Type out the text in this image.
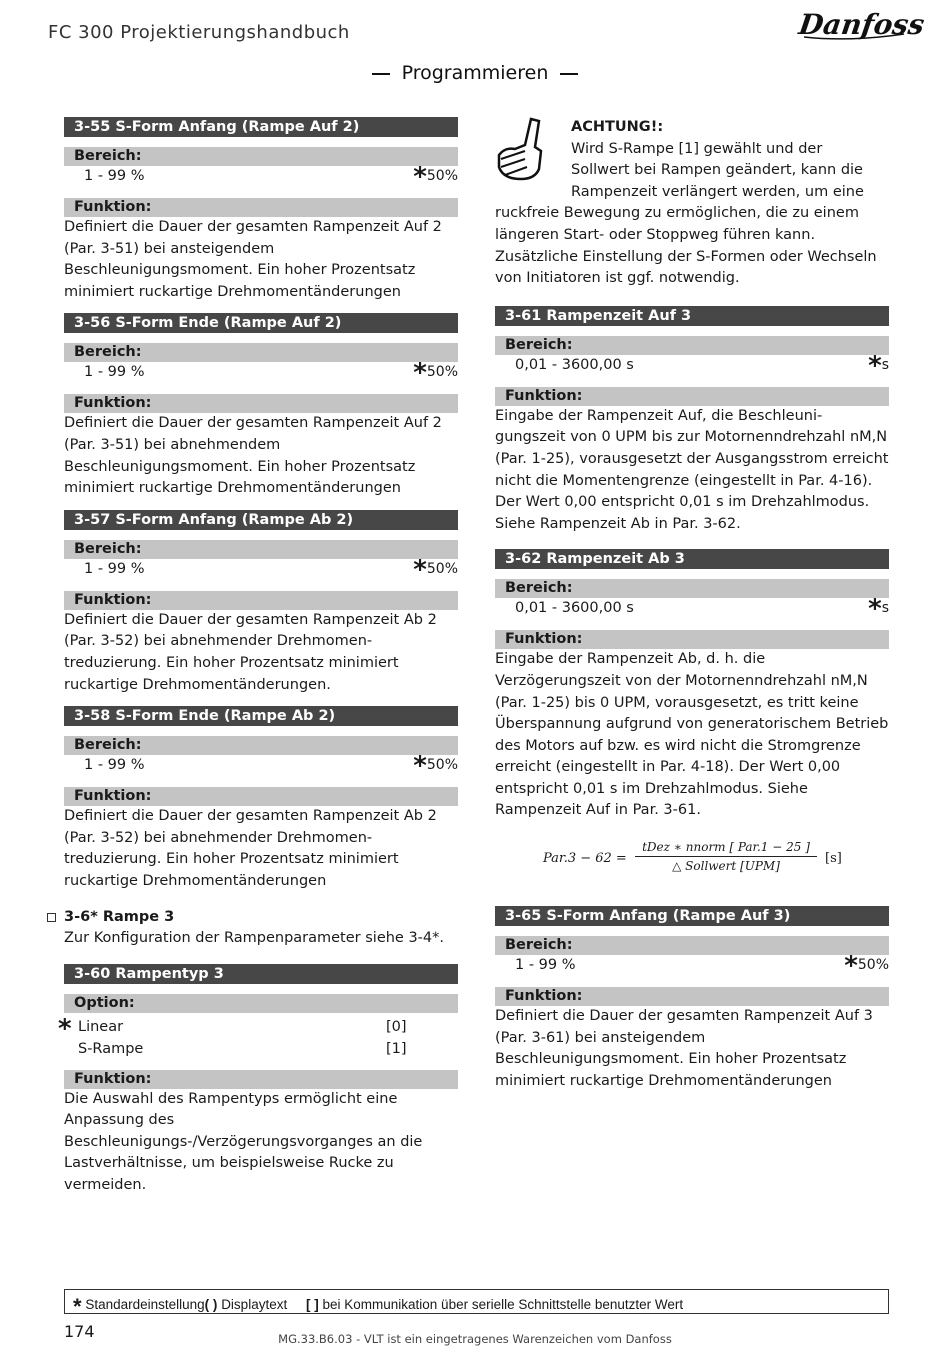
FC 300 Projektierungshandbuch	Danfoss
Programmieren
3-55 S-Form Anfang (Rampe Auf 2)
Bereich:
1 - 99 %	*50%
Funktion:
Definiert die Dauer der gesamten Rampenzeit Auf 2 (Par. 3-51) bei ansteigendem Beschleunigungsmoment. Ein hoher Prozentsatz minimiert ruckartige Drehmomentänderungen
3-56 S-Form Ende (Rampe Auf 2)
Bereich:
1 - 99 %	*50%
Funktion:
Definiert die Dauer der gesamten Rampenzeit Auf 2 (Par. 3-51) bei abnehmendem Beschleunigungsmoment. Ein hoher Prozentsatz minimiert ruckartige Drehmomentänderungen
3-57 S-Form Anfang (Rampe Ab 2)
Bereich:
1 - 99 %	*50%
Funktion:
Definiert die Dauer der gesamten Rampenzeit Ab 2 (Par. 3-52) bei abnehmender Drehmomen-treduzierung. Ein hoher Prozentsatz minimiert ruckartige Drehmomentänderungen.
3-58 S-Form Ende (Rampe Ab 2)
Bereich:
1 - 99 %	*50%
Funktion:
Definiert die Dauer der gesamten Rampenzeit Ab 2 (Par. 3-52) bei abnehmender Drehmomen-treduzierung. Ein hoher Prozentsatz minimiert ruckartige Drehmomentänderungen
3-6* Rampe 3
Zur Konfiguration der Rampenparameter siehe 3-4*.
3-60 Rampentyp 3
Option:
* Linear	[0]
S-Rampe	[1]
Funktion:
Die Auswahl des Rampentyps ermöglicht eine Anpassung des Beschleunigungs-/Verzögerungsvorganges an die Lastverhältnisse, um beispielsweise Rucke zu vermeiden.
ACHTUNG!:
Wird S-Rampe [1] gewählt und der
Sollwert bei Rampen geändert, kann die
Rampenzeit verlängert werden, um eine
ruckfreie Bewegung zu ermöglichen, die zu einem längeren Start- oder Stoppweg führen kann. Zusätzliche Einstellung der S-Formen oder Wechseln von Initiatoren ist ggf. notwendig.
3-61 Rampenzeit Auf 3
Bereich:
0,01 - 3600,00 s	*s
Funktion:
Eingabe der Rampenzeit Auf, die Beschleuni-gungszeit von 0 UPM bis zur Motornenndrehzahl nM,N (Par. 1-25), vorausgesetzt der Ausgangsstrom erreicht nicht die Momentengrenze (eingestellt in Par. 4-16). Der Wert 0,00 entspricht 0,01 s im Drehzahlmodus. Siehe Rampenzeit Ab in Par. 3-62.
3-62 Rampenzeit Ab 3
Bereich:
0,01 - 3600,00 s	*s
Funktion:
Eingabe der Rampenzeit Ab, d. h. die Verzögerungszeit von der Motornenndrehzahl nM,N (Par. 1-25) bis 0 UPM, vorausgesetzt, es tritt keine Überspannung aufgrund von generatorischem Betrieb des Motors auf bzw. es wird nicht die Stromgrenze erreicht (eingestellt in Par. 4-18). Der Wert 0,00 entspricht 0,01 s im Drehzahlmodus. Siehe Rampenzeit Auf in Par. 3-61.
Par.3 − 62 =
tDez ∗ nnorm [ Par.1 − 25 ]
△ Sollwert [UPM]	[s]
3-65 S-Form Anfang (Rampe Auf 3)
Bereich:
1 - 99 %	*50%
Funktion:
Definiert die Dauer der gesamten Rampenzeit Auf 3 (Par. 3-61) bei ansteigendem Beschleunigungsmoment. Ein hoher Prozentsatz minimiert ruckartige Drehmomentänderungen
* Standardeinstellung( ) Displaytext [ ] bei Kommunikation über serielle Schnittstelle benutzter Wert
174	MG.33.B6.03 - VLT ist ein eingetragenes Warenzeichen vom Danfoss
